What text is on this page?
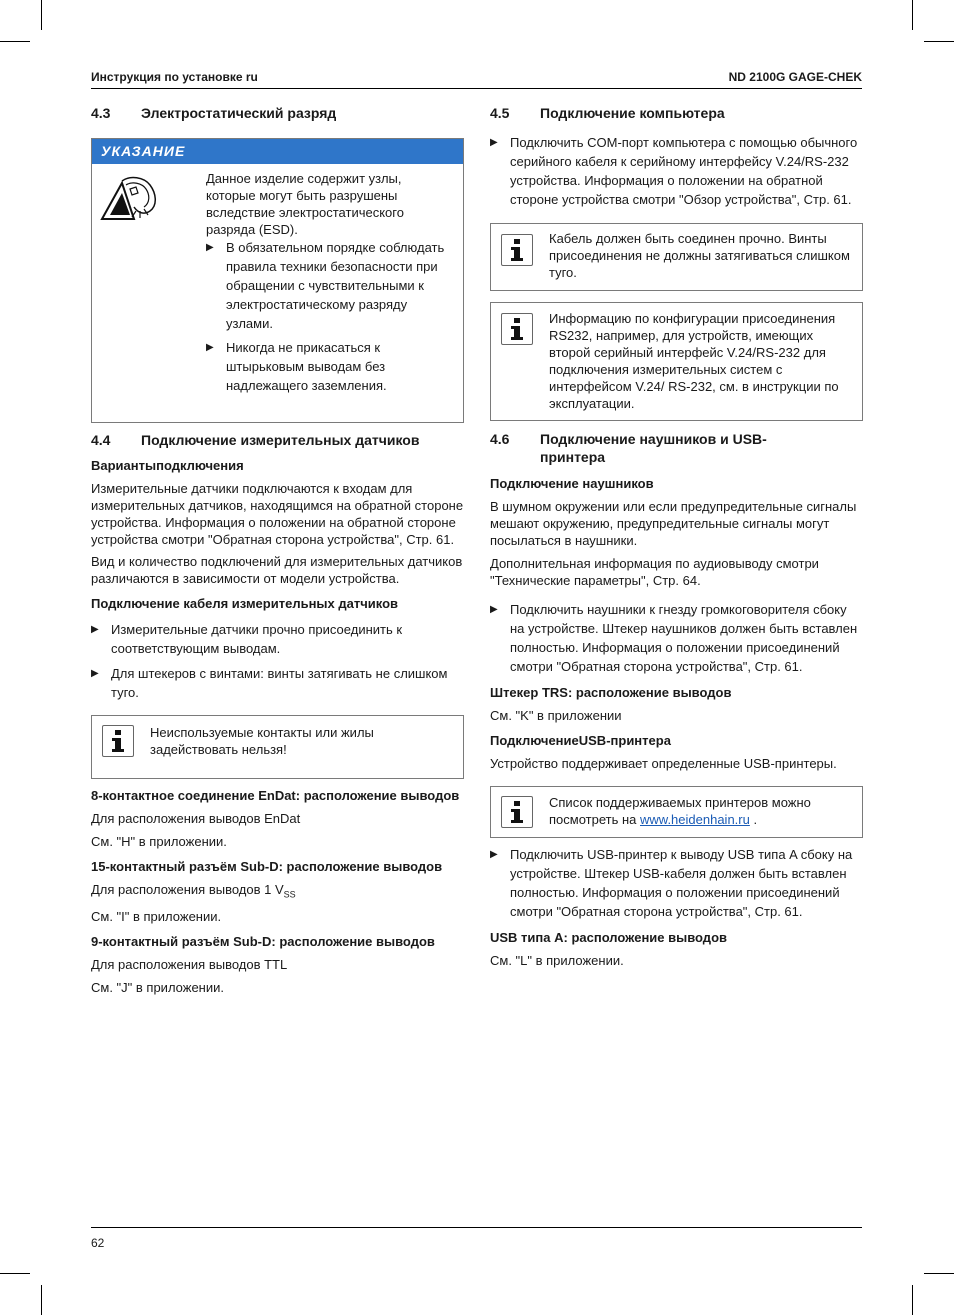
Инструкция по установке ru	ND 2100G GAGE-CHEK
4.3	Электростатический разряд
УКАЗАНИЕ

Данное изделие содержит узлы, которые могут быть разрушены вследствие электростатического разряда (ESD).

▶ В обязательном порядке соблюдать правила техники безопасности при обращении с чувствительными к электростатическому разряду узлами.
▶ Никогда не прикасаться к штырьковым выводам без надлежащего заземления.
4.4	Подключение измерительных датчиков
Вариантыподключения

Измерительные датчики подключаются к входам для измерительных датчиков, находящимся на обратной стороне устройства. Информация о положении на обратной стороне устройства смотри "Обратная сторона устройства", Стр. 61.

Вид и количество подключений для измерительных датчиков различаются в зависимости от модели устройства.

Подключение кабеля измерительных датчиков
▶ Измерительные датчики прочно присоединить к соответствующим выводам.
▶ Для штекеров с винтами: винты затягивать не слишком туго.
Неиспользуемые контакты или жилы задействовать нельзя!
8-контактное соединение EnDat: расположение выводов

Для расположения выводов EnDat

См. "H" в приложении.

15-контактный разъём Sub-D: расположение выводов

Для расположения выводов 1 $V_{SS}$

См. "I" в приложении.

9-контактный разъём Sub-D: расположение выводов

Для расположения выводов TTL

См. "J" в приложении.

4.5	Подключение компьютера
▶ Подключить COM-порт компьютера с помощью обычного серийного кабеля к серийному интерфейсу V.24/RS-232 устройства. Информация о положении на обратной стороне устройства смотри "Обзор устройства", Стр. 61.
Кабель должен быть соединен прочно. Винты присоединения не должны затягиваться слишком туго.
Информацию по конфигурации присоединения RS232, например, для устройств, имеющих второй серийный интерфейс V.24/RS-232 для подключения измерительных систем с интерфейсом V.24/ RS-232, см. в инструкции по эксплуатации.
4.6	Подключение наушников и USB-
принтера
Подключение наушников

В шумном окружении или если предупредительные сигналы мешают окружению, предупредительные сигналы могут посылаться в наушники.

Дополнительная информация по аудиовыводу смотри "Технические параметры", Стр. 64.

▶ Подключить наушники к гнезду громкоговорителя сбоку на устройстве. Штекер наушников должен быть вставлен полностью. Информация о положении присоединений смотри "Обратная сторона устройства", Стр. 61.
Штекер TRS: расположение выводов

См. "K" в приложении

ПодключениеUSB-принтера

Устройство поддерживает определенные USB-принтеры.

Список поддерживаемых принтеров можно посмотреть на www.heidenhain.ru .
▶ Подключить USB-принтер к выводу USB типа A сбоку на устройстве. Штекер USB-кабеля должен быть вставлен полностью. Информация о положении присоединений смотри "Обратная сторона устройства", Стр. 61.
USB типа A: расположение выводов

См. "L" в приложении.

62
